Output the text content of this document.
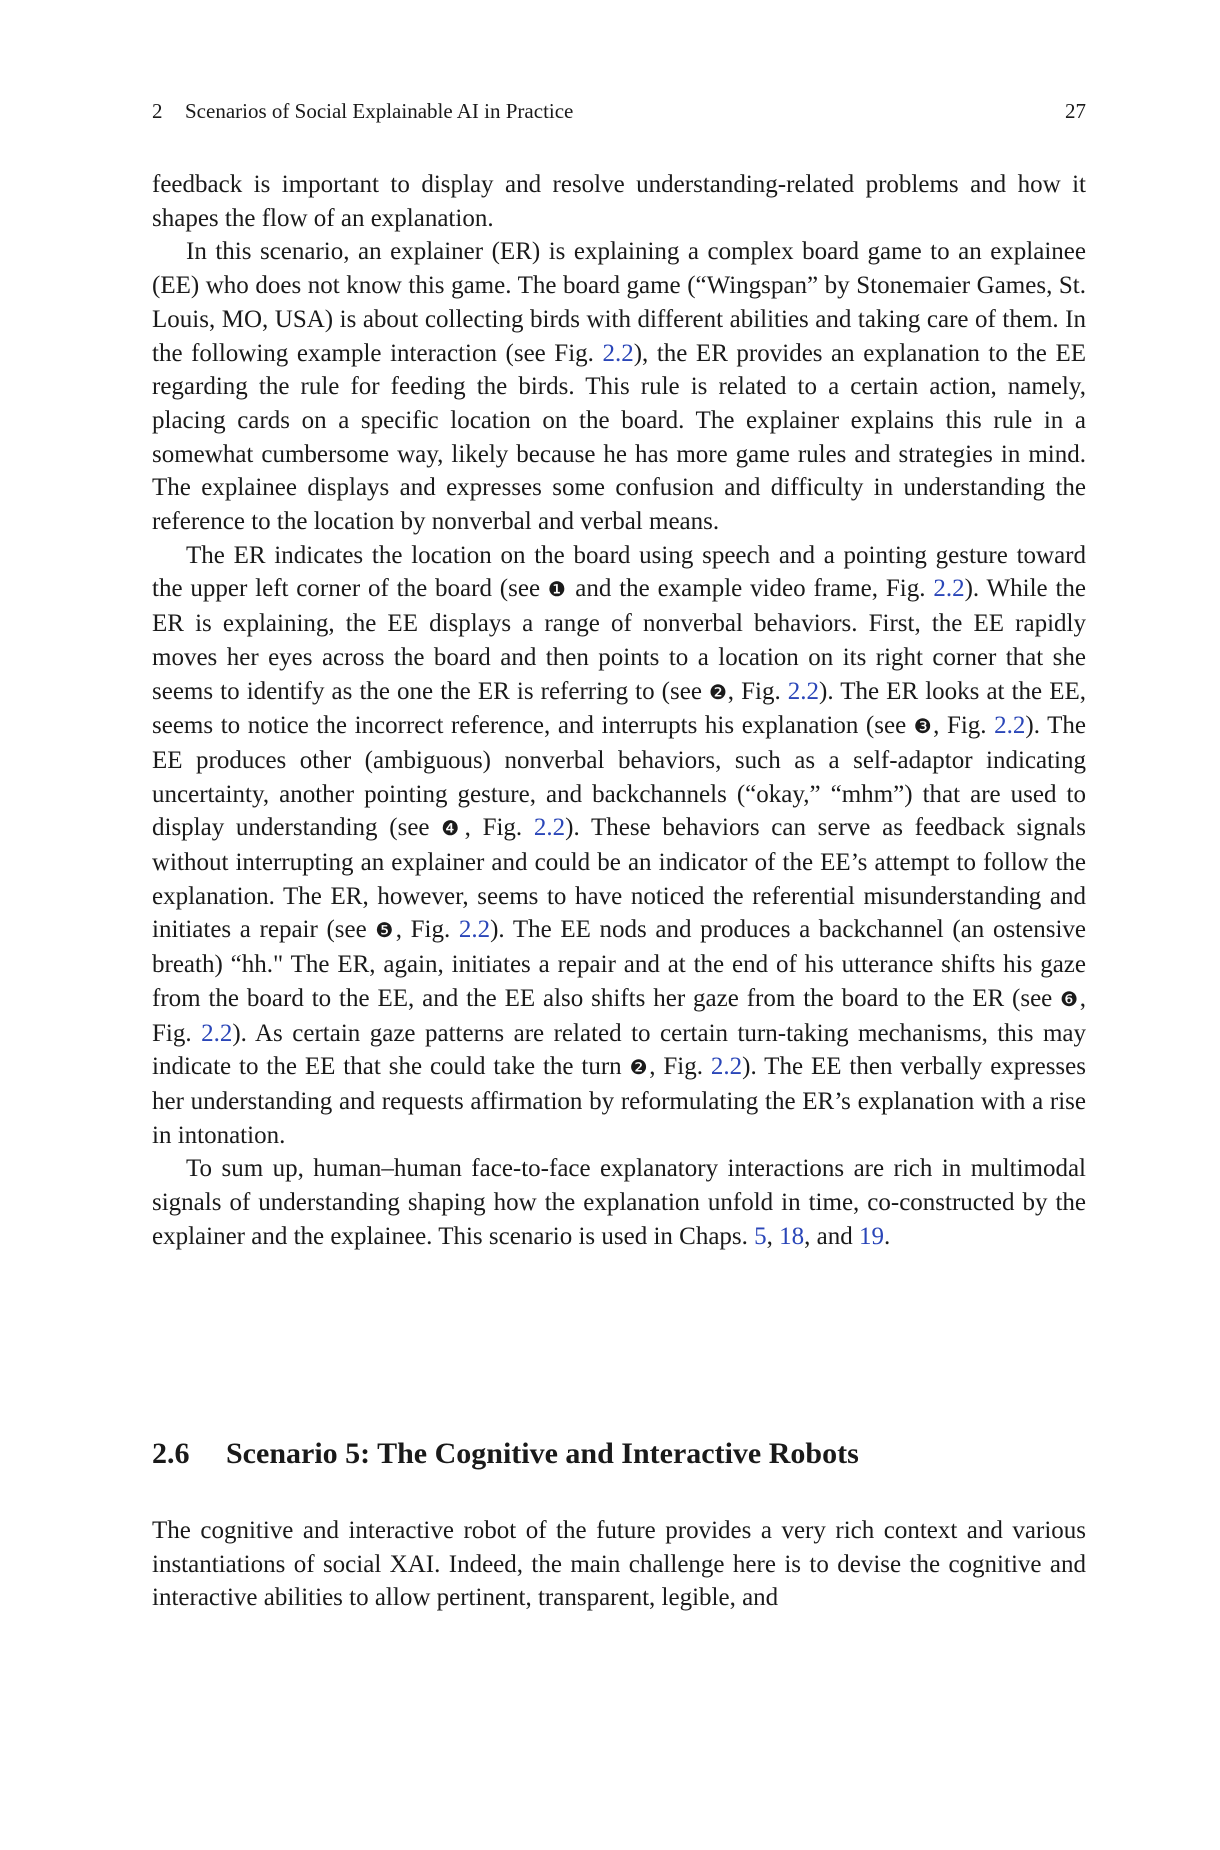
2 Scenarios of Social Explainable AI in Practice	27

feedback is important to display and resolve understanding-related problems and how it shapes the flow of an explanation.

In this scenario, an explainer (ER) is explaining a complex board game to an explainee (EE) who does not know this game. The board game (“Wingspan” by Stonemaier Games, St. Louis, MO, USA) is about collecting birds with different abilities and taking care of them. In the following example interaction (see Fig. 2.2), the ER provides an explanation to the EE regarding the rule for feeding the birds. This rule is related to a certain action, namely, placing cards on a specific location on the board. The explainer explains this rule in a somewhat cumbersome way, likely because he has more game rules and strategies in mind. The explainee displays and expresses some confusion and difficulty in understanding the reference to the location by nonverbal and verbal means.

The ER indicates the location on the board using speech and a pointing gesture toward the upper left corner of the board (see ❶ and the example video frame, Fig. 2.2). While the ER is explaining, the EE displays a range of nonverbal behaviors. First, the EE rapidly moves her eyes across the board and then points to a location on its right corner that she seems to identify as the one the ER is referring to (see ❷, Fig. 2.2). The ER looks at the EE, seems to notice the incorrect reference, and interrupts his explanation (see ❸, Fig. 2.2). The EE produces other (ambiguous) nonverbal behaviors, such as a self-adaptor indicating uncertainty, another pointing gesture, and backchannels (“okay,” “mhm”) that are used to display understanding (see ❹, Fig. 2.2). These behaviors can serve as feedback signals without interrupting an explainer and could be an indicator of the EE’s attempt to follow the explanation. The ER, however, seems to have noticed the referential misunderstanding and initiates a repair (see ❺, Fig. 2.2). The EE nods and produces a backchannel (an ostensive breath) “hh." The ER, again, initiates a repair and at the end of his utterance shifts his gaze from the board to the EE, and the EE also shifts her gaze from the board to the ER (see ❻, Fig. 2.2). As certain gaze patterns are related to certain turn-taking mechanisms, this may indicate to the EE that she could take the turn ❷, Fig. 2.2). The EE then verbally expresses her understanding and requests affirmation by reformulating the ER’s explanation with a rise in intonation.

To sum up, human–human face-to-face explanatory interactions are rich in multimodal signals of understanding shaping how the explanation unfold in time, co-constructed by the explainer and the explainee. This scenario is used in Chaps. 5, 18, and 19.

2.6 Scenario 5: The Cognitive and Interactive Robots

The cognitive and interactive robot of the future provides a very rich context and various instantiations of social XAI. Indeed, the main challenge here is to devise the cognitive and interactive abilities to allow pertinent, transparent, legible, and
